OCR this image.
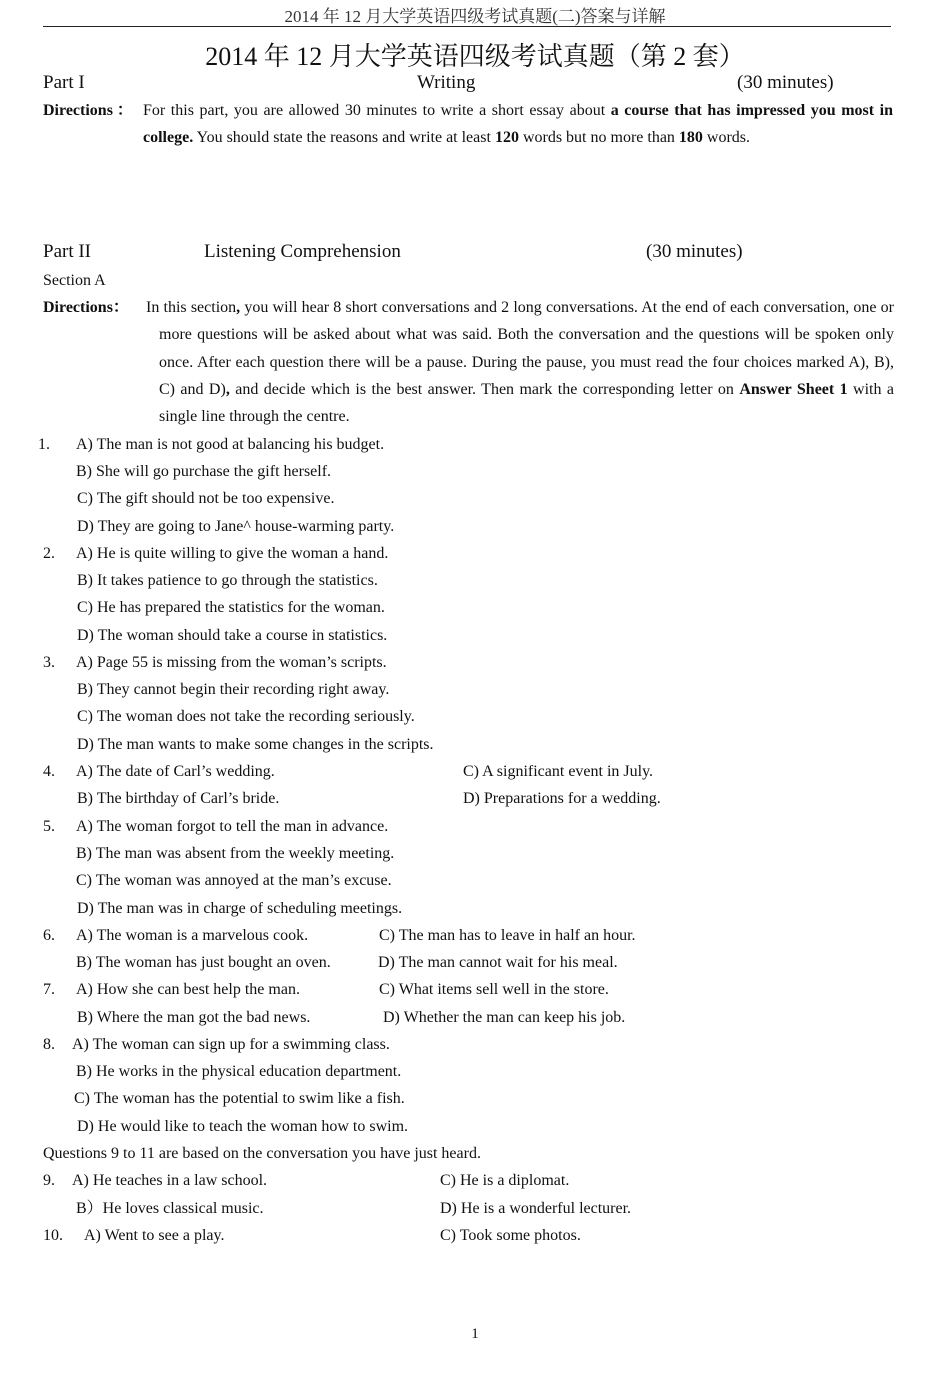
2014 年 12 月大学英语四级考试真题(二)答案与详解
2014 年 12 月大学英语四级考试真题（第 2 套）
Part I	Writing	(30 minutes)
Directions ： For this part, you are allowed 30 minutes to write a short essay about a course that has impressed you most in college. You should state the reasons and write at least 120 words but no more than 180 words.
Part II	Listening Comprehension	(30 minutes)
Section A
Directions： In this section, you will hear 8 short conversations and 2 long conversations. At the end of each conversation, one or more questions will be asked about what was said. Both the conversation and the questions will be spoken only once. After each question there will be a pause. During the pause, you must read the four choices marked A), B), C) and D), and decide which is the best answer. Then mark the corresponding letter on Answer Sheet 1 with a single line through the centre.
1. A) The man is not good at balancing his budget.
B) She will go purchase the gift herself.
C) The gift should not be too expensive.
D) They are going to Jane^ house-warming party.
2. A) He is quite willing to give the woman a hand.
B) It takes patience to go through the statistics.
C) He has prepared the statistics for the woman.
D) The woman should take a course in statistics.
3. A) Page 55 is missing from the woman’s scripts.
B) They cannot begin their recording right away.
C) The woman does not take the recording seriously.
D) The man wants to make some changes in the scripts.
4. A) The date of Carl’s wedding.
B) The birthday of Carl’s bride.
C) A significant event in July.
D) Preparations for a wedding.
5. A) The woman forgot to tell the man in advance.
B) The man was absent from the weekly meeting.
C) The woman was annoyed at the man’s excuse.
D) The man was in charge of scheduling meetings.
6. A) The woman is a marvelous cook.
B) The woman has just bought an oven.
C) The man has to leave in half an hour.
D) The man cannot wait for his meal.
7. A) How she can best help the man.
B) Where the man got the bad news.
C) What items sell well in the store.
D) Whether the man can keep his job.
8. A) The woman can sign up for a swimming class.
B) He works in the physical education department.
C) The woman has the potential to swim like a fish.
D) He would like to teach the woman how to swim.
Questions 9 to 11 are based on the conversation you have just heard.
9. A) He teaches in a law school.
B）He loves classical music.
C) He is a diplomat.
D) He is a wonderful lecturer.
10. A) Went to see a play.	C) Took some photos.
1
